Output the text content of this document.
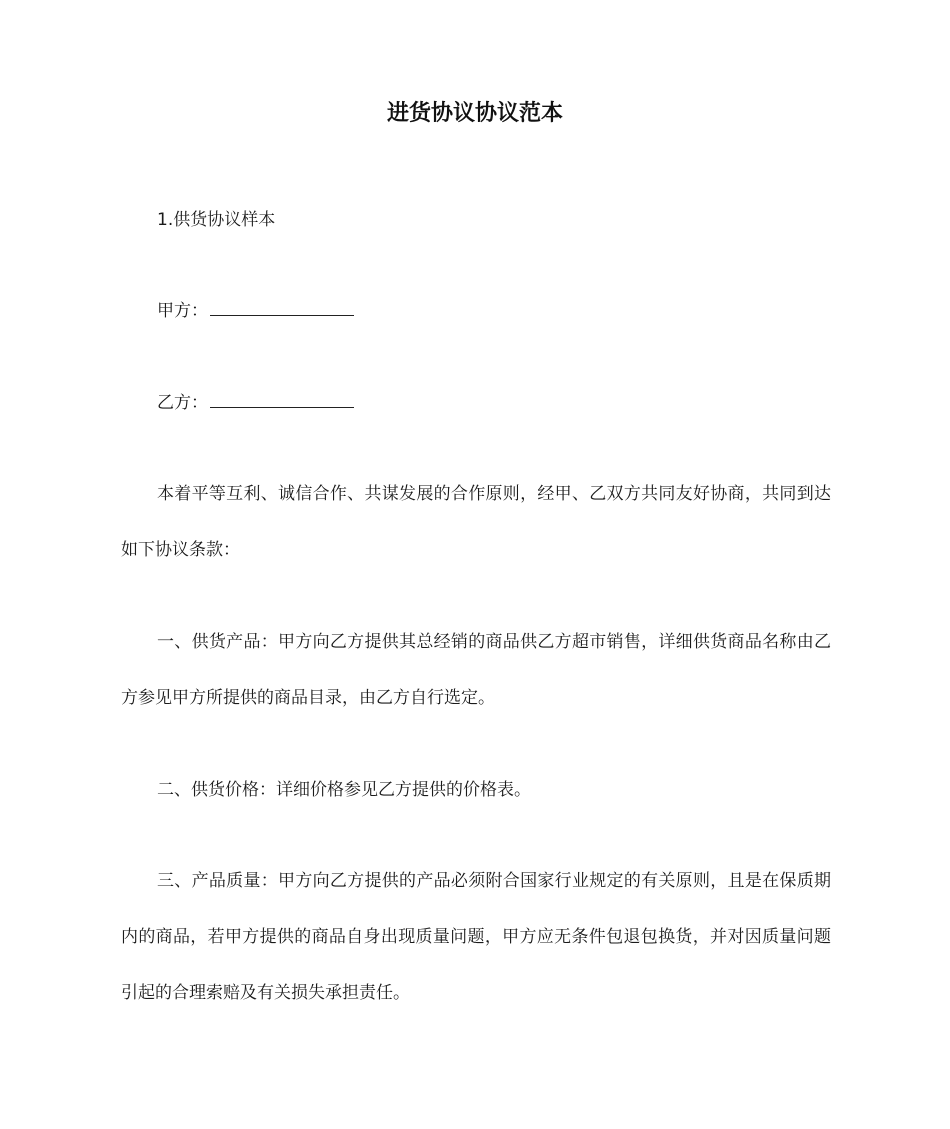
进货协议协议范本

1.供货协议样本

甲方：

乙方：

本着平等互利、诚信合作、共谋发展的合作原则，经甲、乙双方共同友好协商，共同到达如下协议条款：

一、供货产品：甲方向乙方提供其总经销的商品供乙方超市销售，详细供货商品名称由乙方参见甲方所提供的商品目录，由乙方自行选定。

二、供货价格：详细价格参见乙方提供的价格表。

三、产品质量：甲方向乙方提供的产品必须附合国家行业规定的有关原则，且是在保质期内的商品，若甲方提供的商品自身出现质量问题，甲方应无条件包退包换货，并对因质量问题引起的合理索赔及有关损失承担责任。
